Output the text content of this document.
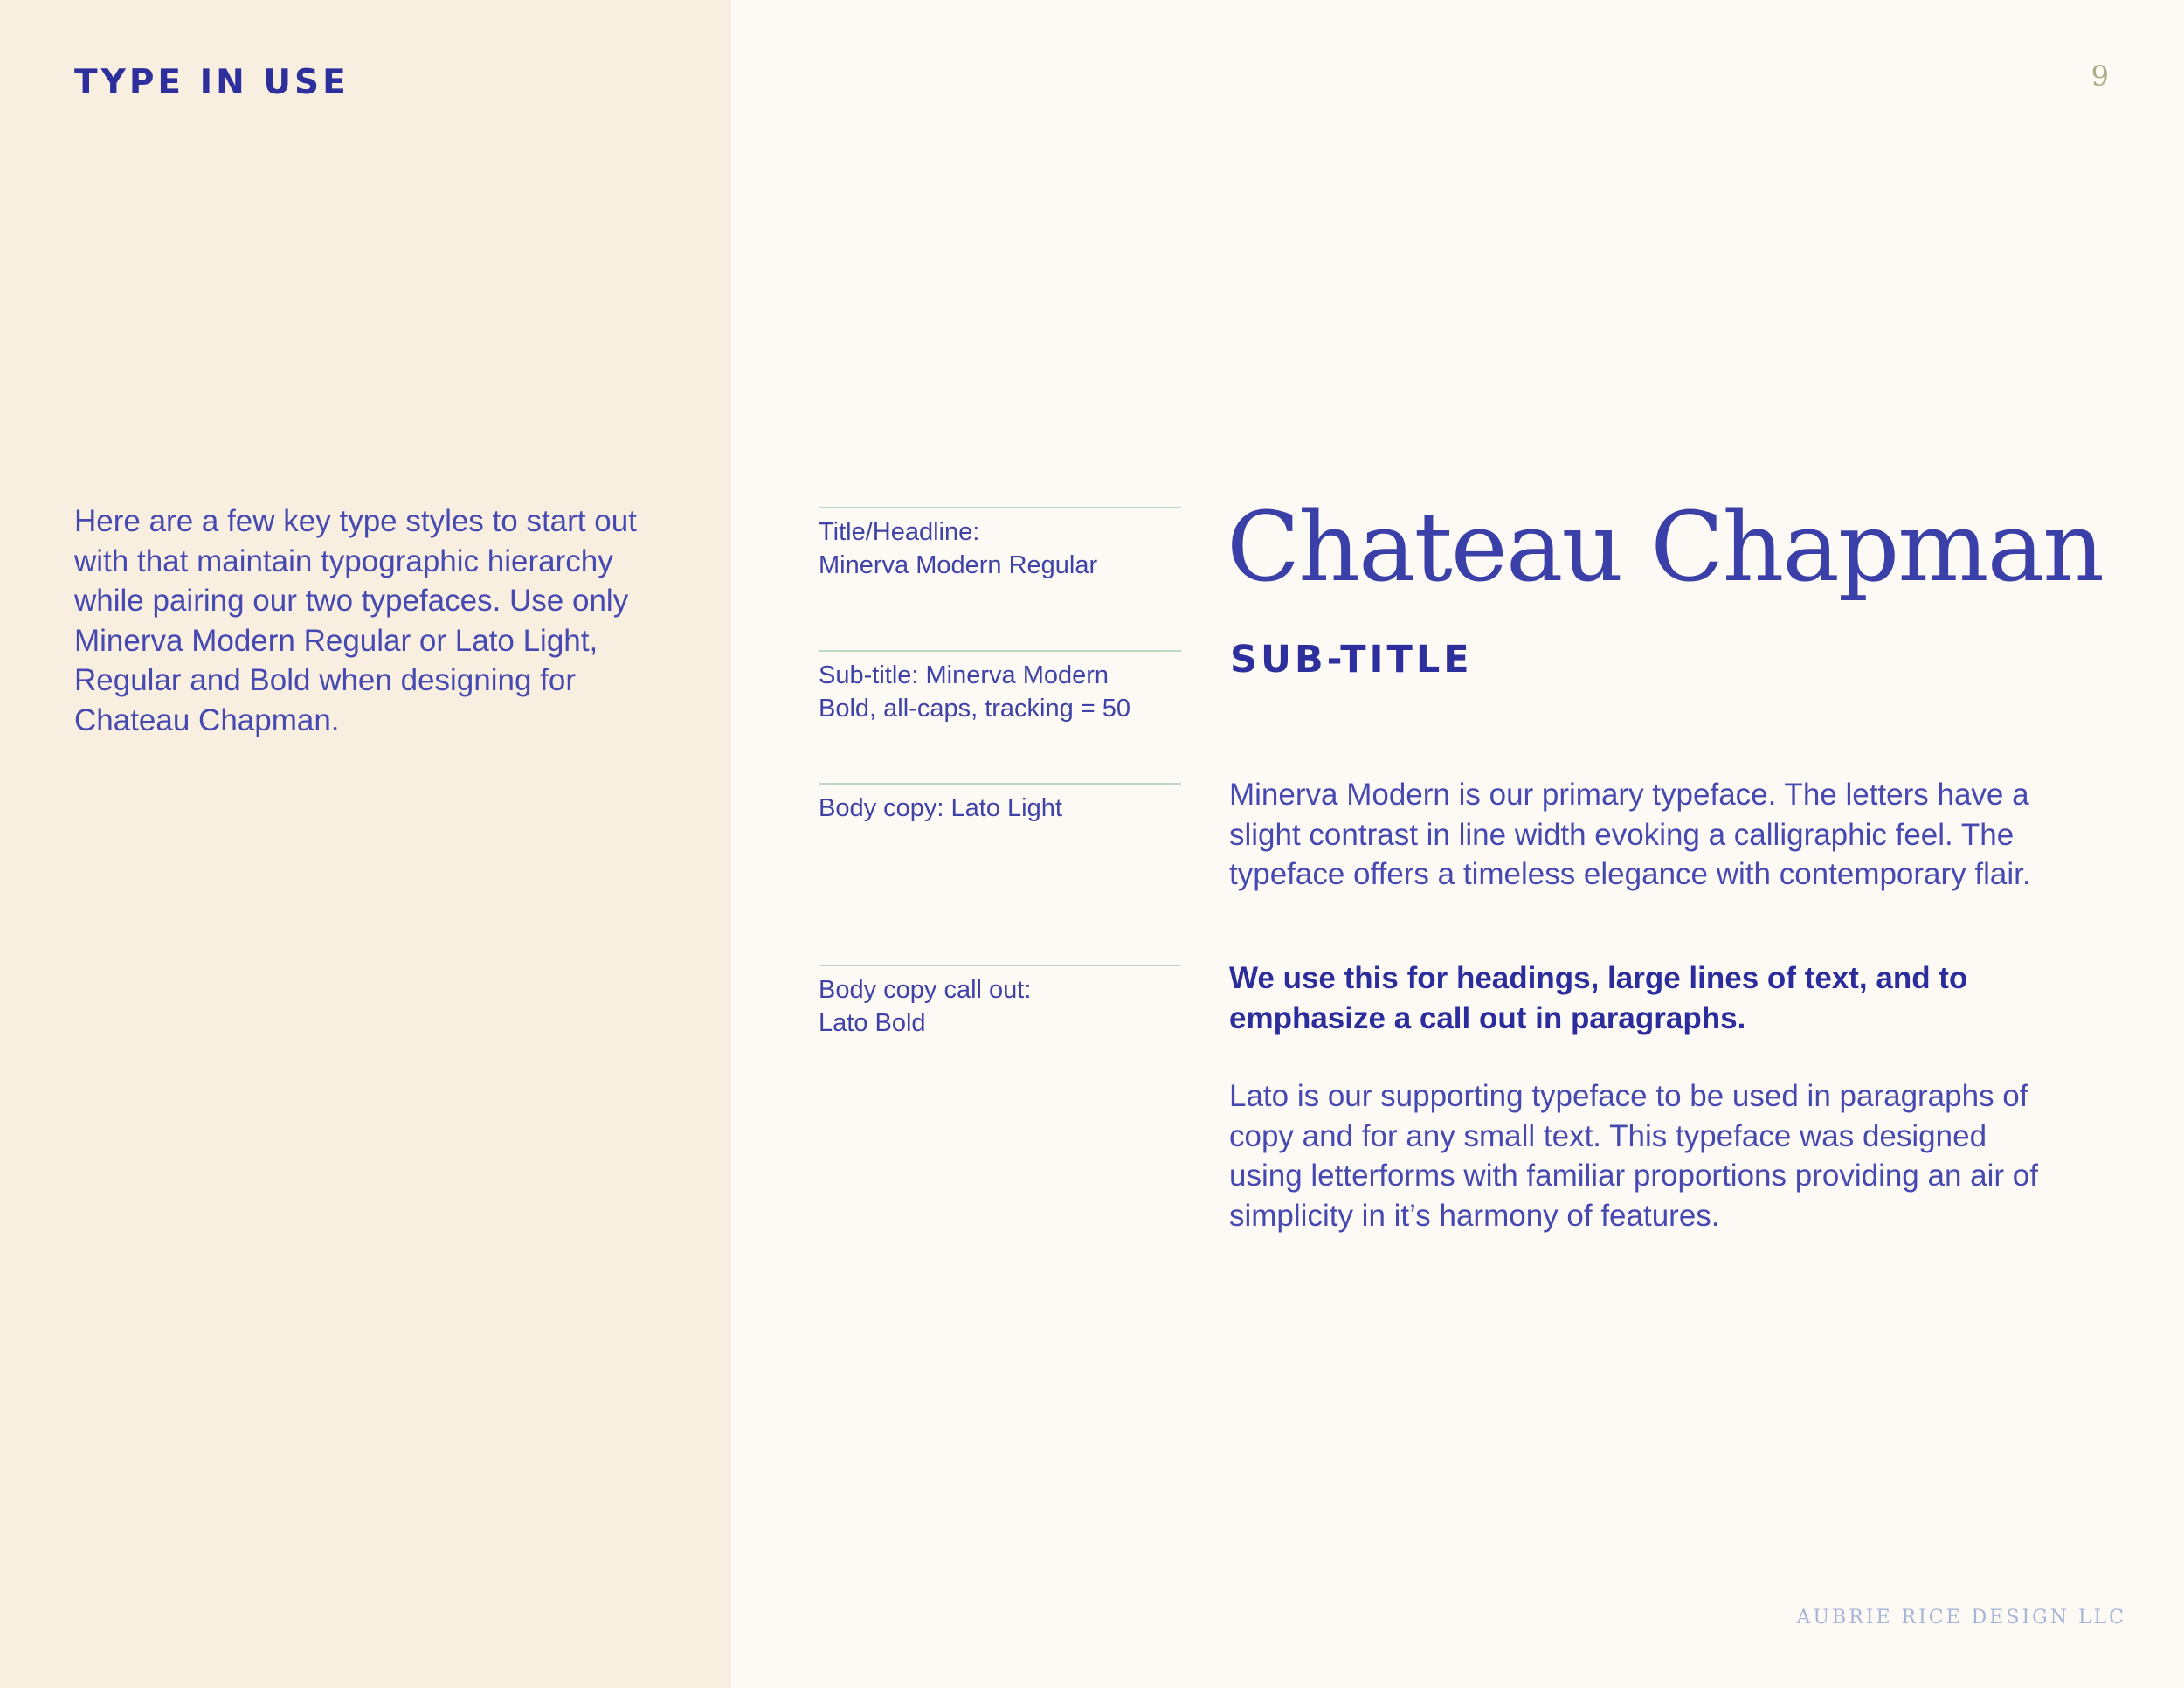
TYPE IN USE

Here are a few key type styles to start out with that maintain typographic hierarchy while pairing our two typefaces. Use only Minerva Modern Regular or Lato Light, Regular and Bold when designing for Chateau Chapman.

9
Title/Headline:
Minerva Modern Regular
Sub-title: Minerva Modern
Bold, all-caps, tracking = 50
Body copy: Lato Light
Body copy call out:
Lato Bold
Chateau Chapman
SUB-TITLE

Minerva Modern is our primary typeface. The letters have a slight contrast in line width evoking a calligraphic feel. The typeface offers a timeless elegance with contemporary flair.

We use this for headings, large lines of text, and to emphasize a call out in paragraphs.

Lato is our supporting typeface to be used in paragraphs of copy and for any small text. This typeface was designed using letterforms with familiar proportions providing an air of simplicity in it’s harmony of features.

AUBRIE RICE DESIGN LLC
